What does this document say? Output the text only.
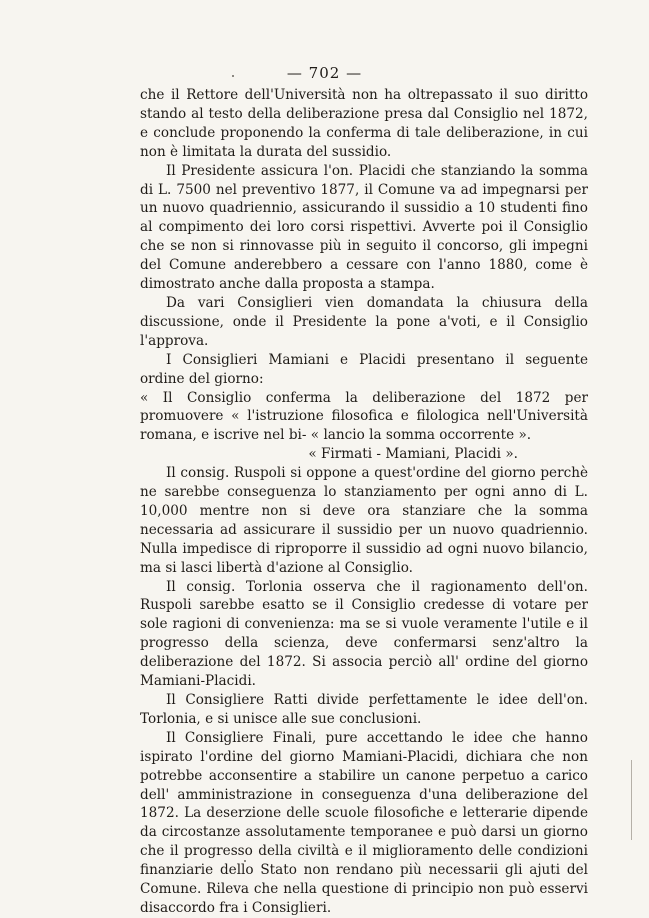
— 702 —

che il Rettore dell'Università non ha oltrepassato il suo diritto stando al testo della deliberazione presa dal Consiglio nel 1872, e conclude proponendo la conferma di tale deliberazione, in cui non è limitata la durata del sussidio.

Il Presidente assicura l'on. Placidi che stanziando la somma di L. 7500 nel preventivo 1877, il Comune va ad impegnarsi per un nuovo quadriennio, assicurando il sussidio a 10 studenti fino al compimento dei loro corsi rispettivi. Avverte poi il Consiglio che se non si rinnovasse più in seguito il concorso, gli impegni del Comune anderebbero a cessare con l'anno 1880, come è dimostrato anche dalla proposta a stampa.

Da vari Consiglieri vien domandata la chiusura della discussione, onde il Presidente la pone a'voti, e il Consiglio l'approva.

I Consiglieri Mamiani e Placidi presentano il seguente ordine del giorno:

« Il Consiglio conferma la deliberazione del 1872 per promuovere « l'istruzione filosofica e filologica nell'Università romana, e iscrive nel bi- « lancio la somma occorrente ».

« Firmati - Mamiani, Placidi ».

Il consig. Ruspoli si oppone a quest'ordine del giorno perchè ne sarebbe conseguenza lo stanziamento per ogni anno di L. 10,000 mentre non si deve ora stanziare che la somma necessaria ad assicurare il sussidio per un nuovo quadriennio. Nulla impedisce di riproporre il sussidio ad ogni nuovo bilancio, ma si lasci libertà d'azione al Consiglio.

Il consig. Torlonia osserva che il ragionamento dell'on. Ruspoli sarebbe esatto se il Consiglio credesse di votare per sole ragioni di convenienza: ma se si vuole veramente l'utile e il progresso della scienza, deve confermarsi senz'altro la deliberazione del 1872. Si associa perciò all' ordine del giorno Mamiani-Placidi.

Il Consigliere Ratti divide perfettamente le idee dell'on. Torlonia, e si unisce alle sue conclusioni.

Il Consigliere Finali, pure accettando le idee che hanno ispirato l'ordine del giorno Mamiani-Placidi, dichiara che non potrebbe acconsentire a stabilire un canone perpetuo a carico dell' amministrazione in conseguenza d'una deliberazione del 1872. La deserzione delle scuole filosofiche e letterarie dipende da circostanze assolutamente temporanee e può darsi un giorno che il progresso della civiltà e il miglioramento delle condizioni finanziarie dello Stato non rendano più necessarii gli ajuti del Comune. Rileva che nella questione di principio non può esservi disaccordo fra i Consiglieri.
